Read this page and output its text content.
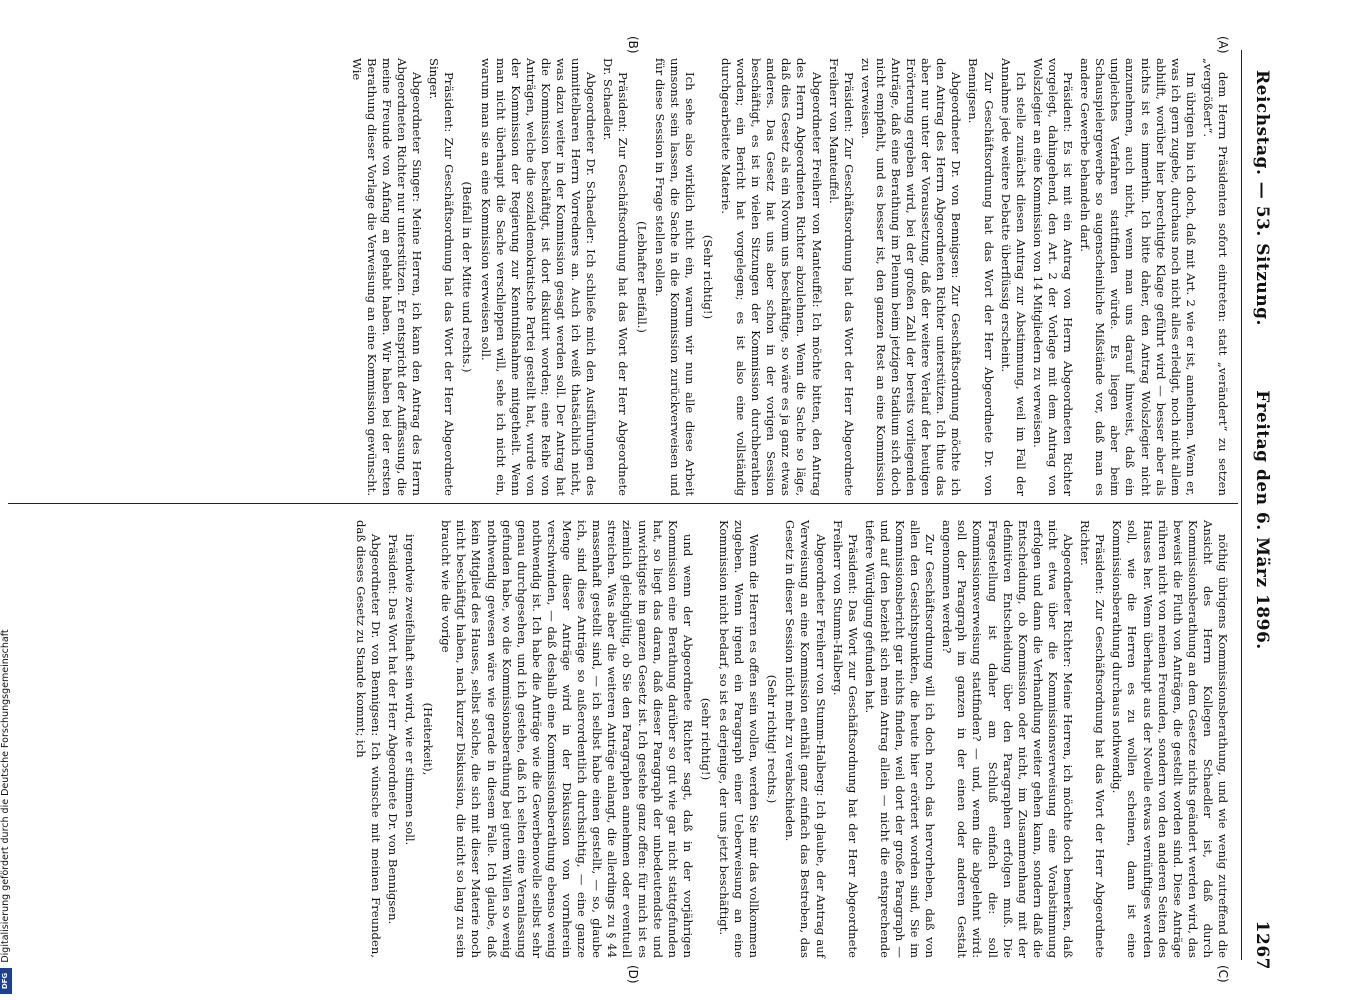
Reichstag. — 53. Sitzung.
Freitag den 6. März 1896.
1267
(A)
(B)
(C)
(D)

dem Herrn Präsidenten sofort eintreten: statt „verändert“ zu setzen „vergrößert“.

Im übrigen bin ich doch, daß mit Art. 2 wie er ist, annehmen. Wenn er, was ich gern zugebe, durchaus noch nicht alles erledigt, noch nicht allem abhilft, worüber hier berechtigte Klage geführt wird — besser aber als nichts ist es immerhin. Ich bitte daher, den Antrag Wolszlegier nicht anzunehmen, auch nicht, wenn man uns darauf hinweist, daß ein ungleiches Verfahren stattfinden würde. Es liegen aber beim Schauspielergewerbe so augenscheinliche Mißstände vor, daß man es andere Gewerbe behandeln darf.

Präsident: Es ist mit ein Antrag von Herrn Abgeordneten Richter vorgelegt, dahingehend, den Art. 2 der Vorlage mit dem Antrag von Wolszlegier an eine Kommission von 14 Mitgliedern zu verweisen.

Ich stelle zunächst diesen Antrag zur Abstimmung, weil im Fall der Annahme jede weitere Debatte überflüssig erscheint.

Zur Geschäftsordnung hat das Wort der Herr Abgeordnete Dr. von Bennigsen.

Abgeordneter Dr. von Bennigsen: Zur Geschäftsordnung möchte ich den Antrag des Herrn Abgeordneten Richter unterstützen. Ich thue das aber nur unter der Voraussetzung, daß der weitere Verlauf der heutigen Erörterung ergeben wird, bei der großen Zahl der bereits vorliegenden Anträge, daß eine Berathung im Plenum beim jetzigen Stadium sich doch nicht empfiehlt, und es besser ist, den ganzen Rest an eine Kommission zu verweisen.

Präsident: Zur Geschäftsordnung hat das Wort der Herr Abgeordnete Freiherr von Manteuffel.

Abgeordneter Freiherr von Manteuffel: Ich möchte bitten, den Antrag des Herrn Abgeordneten Richter abzulehnen. Wenn die Sache so läge, daß dies Gesetz als ein Novum uns beschäftige, so wäre es ja ganz etwas anderes. Das Gesetz hat uns aber schon in der vorigen Session beschäftigt, es ist in vielen Sitzungen der Kommission durchberathen worden; ein Bericht hat vorgelegen; es ist also eine vollständig durchgearbeitete Materie.

(Sehr richtig!)

Ich sehe also wirklich nicht ein, warum wir nun alle diese Arbeit umsonst sein lassen, die Sache in die Kommission zurückverweisen und für diese Session in Frage stellen sollen.

(Lebhafter Beifall.)

Präsident: Zur Geschäftsordnung hat das Wort der Herr Abgeordnete Dr. Schaedler.

Abgeordneter Dr. Schaedler: Ich schließe mich den Ausführungen des unmittelbaren Herrn Vorredners an. Auch ich weiß thatsächlich nicht, was dazu weiter in der Kommission gesagt werden soll. Der Antrag hat die Kommission beschäftigt, ist dort diskutirt worden; eine Reihe von Anträgen, welche die sozialdemokratische Partei gestellt hat, wurde von der Kommission der Regierung zur Kenntnißnahme mitgetheilt. Wenn man nicht überhaupt die Sache verschleppen will, sehe ich nicht ein, warum man sie an eine Kommission verweisen soll.

(Beifall in der Mitte und rechts.)

Präsident: Zur Geschäftsordnung hat das Wort der Herr Abgeordnete Singer.

Abgeordneter Singer: Meine Herren, ich kann den Antrag des Herrn Abgeordneten Richter nur unterstützen. Er entspricht der Auffassung, die meine Freunde von Anfang an gehabt haben. Wir haben bei der ersten Berathung dieser Vorlage die Verweisung an eine Kommission gewünscht. Wie

nöthig übrigens Kommissionsberathung, und wie wenig zutreffend die Ansicht des Herrn Kollegen Schaedler ist, daß durch Kommissionsberathung an dem Gesetze nichts geändert werden wird, das beweist die Fluth von Anträgen, die gestellt worden sind. Diese Anträge rühren nicht von meinen Freunden, sondern von den anderen Seiten des Hauses her. Wenn überhaupt aus der Novelle etwas vernünftiges werden soll, wie die Herren es zu wollen scheinen, dann ist eine Kommissionsberathung durchaus nothwendig.

Präsident: Zur Geschäftsordnung hat das Wort der Herr Abgeordnete Richter.

Abgeordneter Richter: Meine Herren, ich möchte doch bemerken, daß nicht etwa über die Kommissionsverweisung eine Vorabstimmung erfolgen und dann die Verhandlung weiter gehen kann, sondern daß die Entscheidung, ob Kommission oder nicht, im Zusammenhang mit der definitiven Entscheidung über den Paragraphen erfolgen muß. Die Fragestellung ist daher am Schluß einfach die: soll Kommissionsverweisung stattfinden? — und, wenn die abgelehnt wird: soll der Paragraph im ganzen in der einen oder anderen Gestalt angenommen werden?

Zur Geschäftsordnung will ich doch noch das hervorheben, daß von allen den Gesichtspunkten, die heute hier erörtert worden sind, Sie im Kommissionsbericht gar nichts finden, weil dort der große Paragraph — und auf den bezieht sich mein Antrag allein — nicht die entsprechende tiefere Würdigung gefunden hat.

Präsident: Das Wort zur Geschäftsordnung hat der Herr Abgeordnete Freiherr von Stumm-Halberg.

Abgeordneter Freiherr von Stumm-Halberg: Ich glaube, der Antrag auf Verweisung an eine Kommission enthält ganz einfach das Bestreben, das Gesetz in dieser Session nicht mehr zu verabschieden.

(Sehr richtig! rechts.)

Wenn die Herren es offen sein wollen, werden Sie mir das vollkommen zugeben. Wenn irgend ein Paragraph einer Ueberweisung an eine Kommission nicht bedarf, so ist es derjenige, der uns jetzt beschäftigt.

(sehr richtig!)

und wenn der Abgeordnete Richter sagt, daß in der vorjährigen Kommission eine Berathung darüber so gut wie gar nicht stattgefunden hat, so liegt das daran, daß dieser Paragraph der unbedeutendste und unwichtigste im ganzen Gesetz ist. Ich gestehe ganz offen: für mich ist es ziemlich gleichgültig, ob Sie den Paragraphen annehmen oder eventuell streichen. Was aber die weiteren Anträge anlangt, die allerdings zu § 44 massenhaft gestellt sind, — ich selbst habe einen gestellt, — so, glaube ich, sind diese Anträge so außerordentlich durchsichtig, — eine ganze Menge dieser Anträge wird in der Diskussion von vornherein verschwinden, — daß deshalb eine Kommissionsberathung ebenso wenig nothwendig ist. Ich habe die Anträge wie die Gewerbenovelle selbst sehr genau durchgesehen, und ich gestehe, daß ich selten eine Veranlassung gefunden habe, wo die Kommissionsberathung bei gutem Willen so wenig nothwendig gewesen wäre wie gerade in diesem Falle. Ich glaube, daß kein Mitglied des Hauses, selbst solche, die sich mit dieser Materie noch nicht beschäftigt haben, nach kurzer Diskussion, die nicht so lang zu sein braucht wie die vorige

(Heiterkeit),

irgendwie zweifelhaft sein wird, wie er stimmen soll.

Präsident: Das Wort hat der Herr Abgeordnete Dr. von Bennigsen.

Abgeordneter Dr. von Bennigsen: Ich wünsche mit meinen Freunden, daß dieses Gesetz zu Stande kommt; ich

Digitalisierung gefördert durch die Deutsche Forschungsgemeinschaft
DFG
